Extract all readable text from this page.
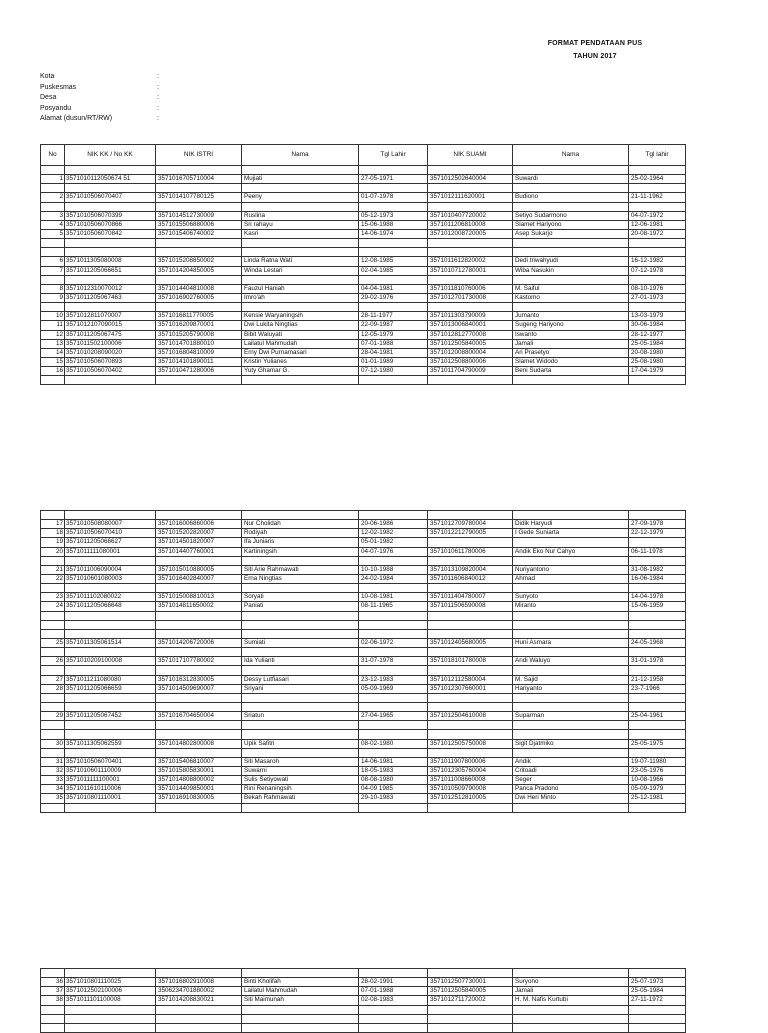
FORMAT PENDATAAN PUS
TAHUN 2017
Kota	:
Puskesmas	:
Desa	:
Posyandu	:
Alamat (dusun/RT/RW)	:
No	NIK KK / No KK	NIK ISTRI	Nama	Tgl Lahir	NIK SUAMI	Nama	Tgl lahir

1	3571010112050674 51	3571016705710004	Mujiati	27-05-1971	3571012502640004	Suwardi	25-02-1964

2	3571010506070407	3571014107780125	Peeny	01-07-1978	3571012111620001	Budiono	21-11-1962

3	3571010506070399	3571014512730009	Ruslina	05-12-1973	3571010407720002	Setiyo Sudarmono	04-07-1972
4	3571010506070866	3571015506880006	Sri rahayu	15-06-1988	3571011206810008	Slamet Hariyono	12-06-1981
5	3571010506070842	3571015406740002	Kasri	14-06-1974	3571012008720005	Asep Sukarjo	20-08-1972

6	3571011305080008	3571015208850002	Linda Ratna Wati	12-08-1985	3571011612820002	Dedi triwahyudi	16-12-1982
7	3571011205066651	3571014204850005	Winda Lestari	02-04-1985	3571010712780001	Wiba Nasukin	07-12-1978

8	3571012310070012	3571014404810008	Fauzul Haniah	04-04-1981	3571011810760006	M. Saiful	08-10-1976
9	3571011205067463	3571016902760005	Imro'ah	29-02-1976	3571012701730008	Kastomo	27-01-1973

10	3571012811070007	3571016811770005	Kensie Waryaningsih	28-11-1977	3571011303790009	Jumanto	13-03-1979
11	3571012107090015	3571016209870001	Dwi Lukita Ningtias	22-09-1987	3571013006840001	Sugeng Hariyono	30-06-1984
12	3571011205067475	3571015205790008	Bibit Waluyati	12-05-1979	3571012812770008	Iswanto	28-12-1977
13	3571011502100006	3571014701880010	Lailatul Mahmudah	07-01-1988	3571012505840005	Jamali	25-05-1984
14	3571010208090020	3571016804810009	Erny Dwi Purnamasari	28-04-1981	3571012008800004	Ari Prasetyo	20-08-1980
15	3571010506070893	3571014101890011	Kristin Yulianes	01-01-1989	3571012508800006	Slamet Widodo	25-08-1980
16	3571010506070402	3571010471280006	Yuty Ghamar G.	07-12-1980	3571011704790009	Beni Sudarta	17-04-1979

17	3571010508080007	3571016006860006	Nur Cholidah	20-06-1986	3571012709780004	Didik Haryudi	27-09-1978
18	3571010506070410	3571015202820007	Rodiyah	12-02-1982	3571012212790005	I Gede Suniarta	22-12-1979
19	3571011205066627	3571014501820007	Ifa Juniaris	05-01-1982			
20	3571011111080001	3571014407760001	Kartiningsih	04-07-1976	3571010611780006	Andik Eko Nur Cahyo	06-11-1978

21	3571011006090004	3571015010880005	Siti Arie Rahmawati	10-10-1988	3571013109820004	Nuriyantono	31-08-1982
22	3571010601080003	3571016402840007	Erna Ningtias	24-02-1984	3571011606840012	Ahmad	16-06-1984

23	3571011102080022	3571015008810013	Soryati	10-08-1981	3571011404780007	Sunyoto	14-04-1978
24	3571011205066648	3571014811650002	Paniati	08-11-1965	3571011506590008	Miranto	15-06-1959

25	3571011305061514	3571014206720006	Sumiati	02-06-1972	3571012405680005	Huni Asmara	24-05-1968

26	3571010209100008	3571017107780002	Ida Yulianti	31-07-1978	3571018101780008	Andi Waluyo	31-01-1978

27	3571011211080080	3571016312830005	Dessy Lutfiasari	23-12-1983	3571012112580004	M. Sajid	21-12-1958
28	3571011205066659	3571014509690007	Sriyani	05-09-1969	3571012307660001	Hariyanto	23-7-1966

29	3571011205067452	3571016704650004	Sriatun	27-04-1965	3571012504610008	Suparman	25-04-1961

30	3571011305062559	3571014802800008	Upik Safitri	08-02-1980	3571012505750008	Sigit Djatmiko	25-05-1975

31	3571010506070401	3571015406810007	Siti Masaroh	14-06-1981	3571011907800006	Andik	19-07-11980
32	3571010601110009	3571015805830001	Suwarni	18-05-1983	3571012305760004	Critoadi	23-05-1976
33	3571011111100001	3571014808800002	Sulis Setiyowati	08-08-1980	3571011008660008	Seger	10-08-1966
34	3571011610110006	3571014409850001	Rini Renaningsih	04-09 1985	3571010509790008	Panca Pradono	05-09-1979
35	3571010801110001	3571016910830005	Bekah Rahmawati	29-10-1983	3571012512810005	Dwi Heri Minto	25-12-1981

36	3571010801110025	3571016802910008	Binti Kholifah	28-02-1991	3571012507730001	Suryono	25-07-1973
37	3571012502100006	3506234701880002	Lailatul Mahmudah	07-01-1988	3571012505840005	Jamali	25-05-1984
38	3571011101100008	3571014208830021	Siti Maimunah	02-08-1983	3571012711720002	H. M. Nafis Kurtubi	27-11-1972
